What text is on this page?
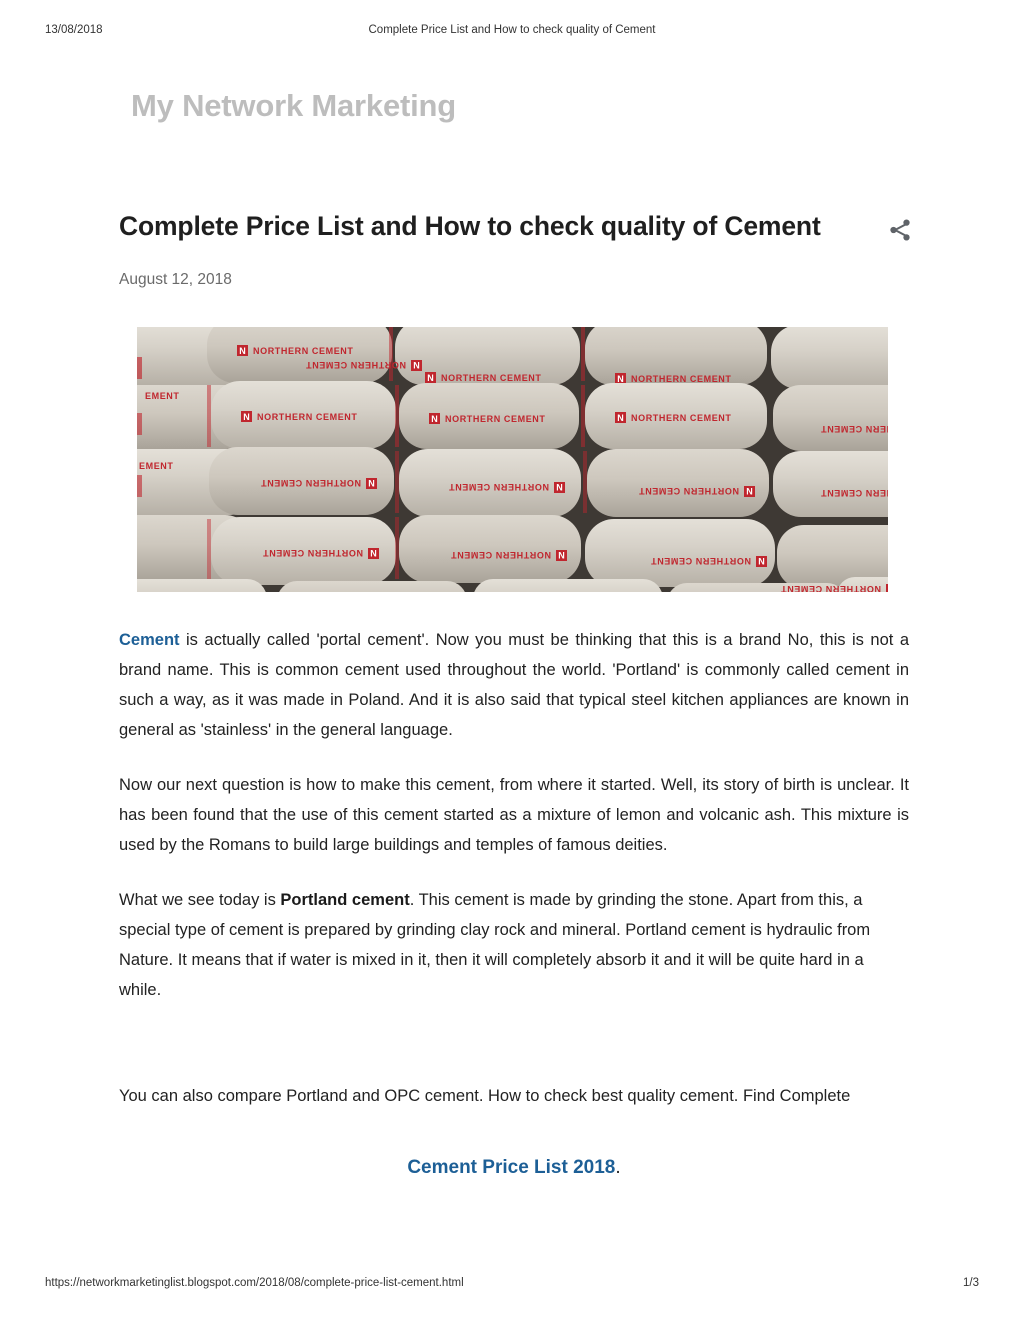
13/08/2018	Complete Price List and How to check quality of Cement
My Network Marketing
Complete Price List and How to check quality of Cement
August 12, 2018
EMENT
EMENT

Cement is actually called 'portal cement'. Now you must be thinking that this is a brand No, this is not a brand name. This is common cement used throughout the world. 'Portland' is commonly called cement in such a way, as it was made in Poland. And it is also said that typical steel kitchen appliances are known in general as 'stainless' in the general language.

Now our next question is how to make this cement, from where it started. Well, its story of birth is unclear. It has been found that the use of this cement started as a mixture of lemon and volcanic ash. This mixture is used by the Romans to build large buildings and temples of famous deities.

What we see today is Portland cement. This cement is made by grinding the stone. Apart from this, a special type of cement is prepared by grinding clay rock and mineral. Portland cement is hydraulic from Nature. It means that if water is mixed in it, then it will completely absorb it and it will be quite hard in a while.

You can also compare Portland and OPC cement. How to check best quality cement. Find Complete

Cement Price List 2018.
https://networkmarketinglist.blogspot.com/2018/08/complete-price-list-cement.html	1/3
